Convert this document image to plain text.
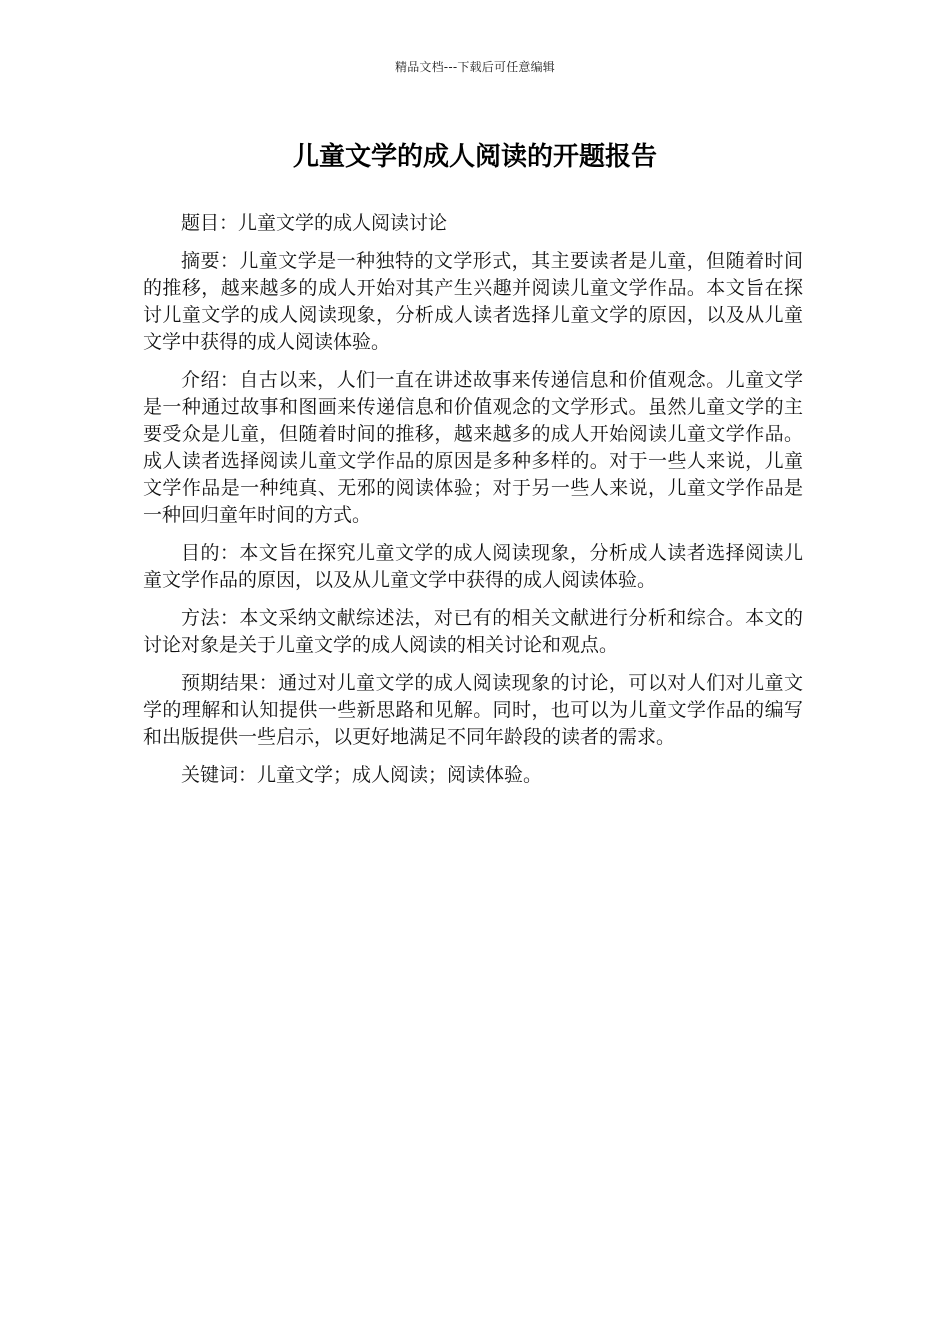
精品文档---下载后可任意编辑
儿童文学的成人阅读的开题报告

题目：儿童文学的成人阅读讨论

摘要：儿童文学是一种独特的文学形式，其主要读者是儿童，但随着时间的推移，越来越多的成人开始对其产生兴趣并阅读儿童文学作品。本文旨在探讨儿童文学的成人阅读现象，分析成人读者选择儿童文学的原因，以及从儿童文学中获得的成人阅读体验。

介绍：自古以来，人们一直在讲述故事来传递信息和价值观念。儿童文学是一种通过故事和图画来传递信息和价值观念的文学形式。虽然儿童文学的主要受众是儿童，但随着时间的推移，越来越多的成人开始阅读儿童文学作品。成人读者选择阅读儿童文学作品的原因是多种多样的。对于一些人来说，儿童文学作品是一种纯真、无邪的阅读体验；对于另一些人来说，儿童文学作品是一种回归童年时间的方式。

目的：本文旨在探究儿童文学的成人阅读现象，分析成人读者选择阅读儿童文学作品的原因，以及从儿童文学中获得的成人阅读体验。

方法：本文采纳文献综述法，对已有的相关文献进行分析和综合。本文的讨论对象是关于儿童文学的成人阅读的相关讨论和观点。

预期结果：通过对儿童文学的成人阅读现象的讨论，可以对人们对儿童文学的理解和认知提供一些新思路和见解。同时，也可以为儿童文学作品的编写和出版提供一些启示，以更好地满足不同年龄段的读者的需求。

关键词：儿童文学；成人阅读；阅读体验。
